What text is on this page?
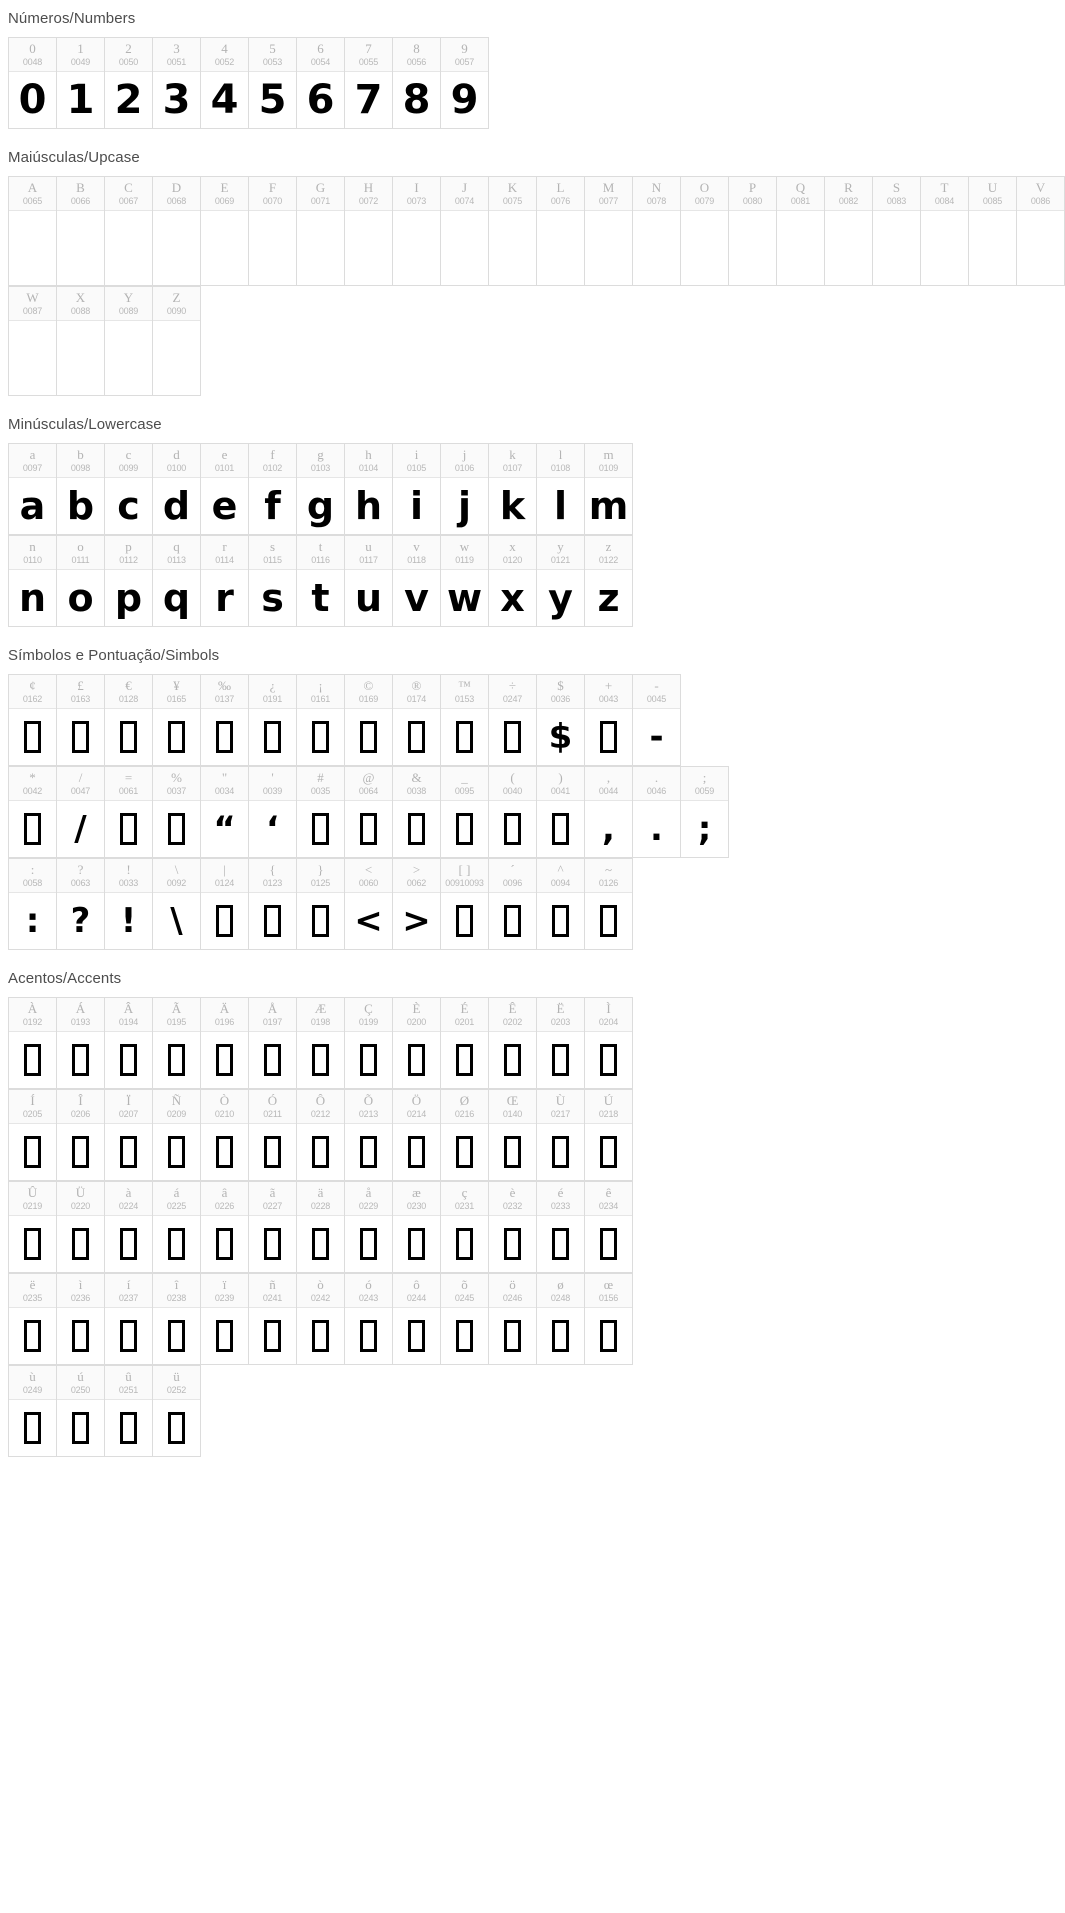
Números/Numbers
0
0048
0
1
0049
1
2
0050
2
3
0051
3
4
0052
4
5
0053
5
6
0054
6
7
0055
7
8
0056
8
9
0057
9
Maiúsculas/Upcase
A
0065
B
0066
C
0067
D
0068
E
0069
F
0070
G
0071
H
0072
I
0073
J
0074
K
0075
L
0076
M
0077
N
0078
O
0079
P
0080
Q
0081
R
0082
S
0083
T
0084
U
0085
V
0086
W
0087
X
0088
Y
0089
Z
0090
Minúsculas/Lowercase
a
0097
a
b
0098
b
c
0099
c
d
0100
d
e
0101
e
f
0102
f
g
0103
g
h
0104
h
i
0105
i
j
0106
j
k
0107
k
l
0108
l
m
0109
m
n
0110
n
o
0111
o
p
0112
p
q
0113
q
r
0114
r
s
0115
s
t
0116
t
u
0117
u
v
0118
v
w
0119
w
x
0120
x
y
0121
y
z
0122
z
Símbolos e Pontuação/Simbols
¢
0162
£
0163
€
0128
¥
0165
‰
0137
¿
0191
¡
0161
©
0169
®
0174
™
0153
÷
0247
$
0036
$
+
0043
-
0045
-
*
0042
/
0047
/
=
0061
%
0037
"
0034
“
'
0039
‘
#
0035
@
0064
&
0038
_
0095
(
0040
)
0041
,
0044
,
.
0046
.
;
0059
;
:
0058
:
?
0063
?
!
0033
!
\
0092
\
|
0124
{
0123
}
0125
<
0060
<
>
0062
>
[ ]
00910093
´
0096
^
0094
~
0126
Acentos/Accents
À
0192
Á
0193
Â
0194
Ã
0195
Ä
0196
Å
0197
Æ
0198
Ç
0199
È
0200
É
0201
Ê
0202
Ë
0203
Ì
0204
Í
0205
Î
0206
Ï
0207
Ñ
0209
Ò
0210
Ó
0211
Ô
0212
Õ
0213
Ö
0214
Ø
0216
Œ
0140
Ù
0217
Ú
0218
Û
0219
Ü
0220
à
0224
á
0225
â
0226
ã
0227
ä
0228
å
0229
æ
0230
ç
0231
è
0232
é
0233
ê
0234
ë
0235
ì
0236
í
0237
î
0238
ï
0239
ñ
0241
ò
0242
ó
0243
ô
0244
õ
0245
ö
0246
ø
0248
œ
0156
ù
0249
ú
0250
û
0251
ü
0252
